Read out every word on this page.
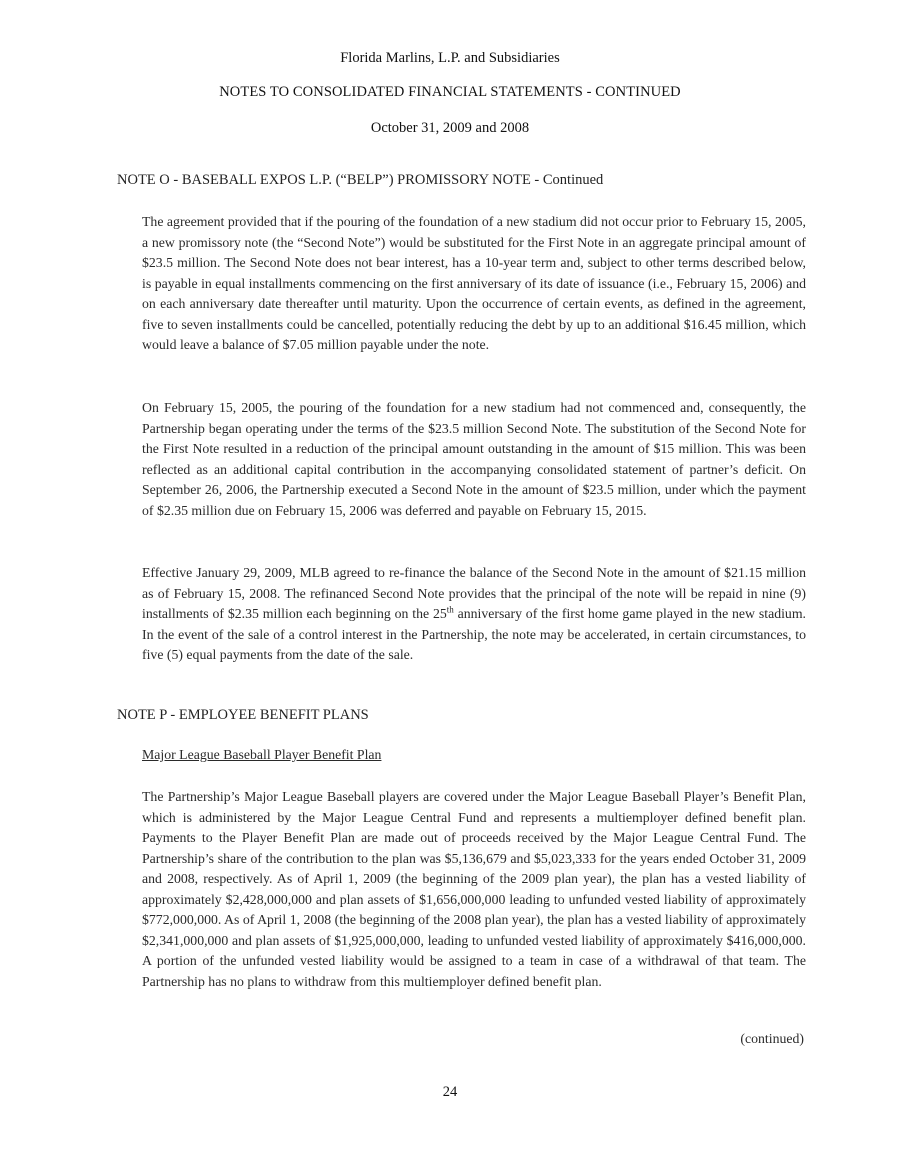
Florida Marlins, L.P. and Subsidiaries
NOTES TO CONSOLIDATED FINANCIAL STATEMENTS - CONTINUED
October 31, 2009 and 2008
NOTE O - BASEBALL EXPOS L.P. (“BELP”) PROMISSORY NOTE - Continued

The agreement provided that if the pouring of the foundation of a new stadium did not occur prior to February 15, 2005, a new promissory note (the “Second Note”) would be substituted for the First Note in an aggregate principal amount of $23.5 million. The Second Note does not bear interest, has a 10-year term and, subject to other terms described below, is payable in equal installments commencing on the first anniversary of its date of issuance (i.e., February 15, 2006) and on each anniversary date thereafter until maturity. Upon the occurrence of certain events, as defined in the agreement, five to seven installments could be cancelled, potentially reducing the debt by up to an additional $16.45 million, which would leave a balance of $7.05 million payable under the note.

On February 15, 2005, the pouring of the foundation for a new stadium had not commenced and, consequently, the Partnership began operating under the terms of the $23.5 million Second Note. The substitution of the Second Note for the First Note resulted in a reduction of the principal amount outstanding in the amount of $15 million. This was been reflected as an additional capital contribution in the accompanying consolidated statement of partner’s deficit. On September 26, 2006, the Partnership executed a Second Note in the amount of $23.5 million, under which the payment of $2.35 million due on February 15, 2006 was deferred and payable on February 15, 2015.

Effective January 29, 2009, MLB agreed to re-finance the balance of the Second Note in the amount of $21.15 million as of February 15, 2008. The refinanced Second Note provides that the principal of the note will be repaid in nine (9) installments of $2.35 million each beginning on the 25th anniversary of the first home game played in the new stadium. In the event of the sale of a control interest in the Partnership, the note may be accelerated, in certain circumstances, to five (5) equal payments from the date of the sale.

NOTE P - EMPLOYEE BENEFIT PLANS
Major League Baseball Player Benefit Plan

The Partnership’s Major League Baseball players are covered under the Major League Baseball Player’s Benefit Plan, which is administered by the Major League Central Fund and represents a multiemployer defined benefit plan. Payments to the Player Benefit Plan are made out of proceeds received by the Major League Central Fund. The Partnership’s share of the contribution to the plan was $5,136,679 and $5,023,333 for the years ended October 31, 2009 and 2008, respectively. As of April 1, 2009 (the beginning of the 2009 plan year), the plan has a vested liability of approximately $2,428,000,000 and plan assets of $1,656,000,000 leading to unfunded vested liability of approximately $772,000,000. As of April 1, 2008 (the beginning of the 2008 plan year), the plan has a vested liability of approximately $2,341,000,000 and plan assets of $1,925,000,000, leading to unfunded vested liability of approximately $416,000,000. A portion of the unfunded vested liability would be assigned to a team in case of a withdrawal of that team. The Partnership has no plans to withdraw from this multiemployer defined benefit plan.

(continued)
24
